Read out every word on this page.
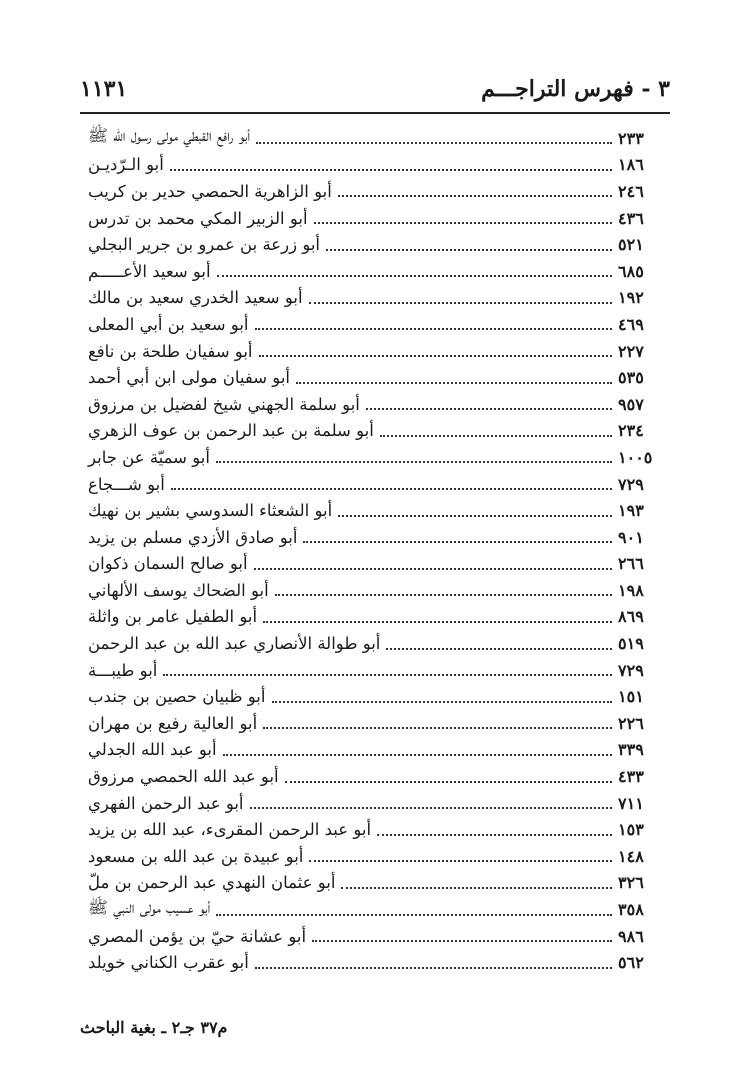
١١٣١	٣ - فهرس التراجـــم
أبو رافع القبطي مولى رسول الله ﷺ	٢٣٣
أبو الـرّديـن	١٨٦
أبو الزاهرية الحمصي حدير بن كريب	٢٤٦
أبو الزبير المكي محمد بن تدرس	٤٣٦
أبو زرعة بن عمرو بن جرير البجلي	٥٢١
أبو سعيد الأعـــــم	٦٨٥
أبو سعيد الخدري سعيد بن مالك	١٩٢
أبو سعيد بن أبي المعلى	٤٦٩
أبو سفيان طلحة بن نافع	٢٢٧
أبو سفيان مولى ابن أبي أحمد	٥٣٥
أبو سلمة الجهني شيخ لفضيل بن مرزوق	٩٥٧
أبو سلمة بن عبد الرحمن بن عوف الزهري	٢٣٤
أبو سميّة عن جابر	١٠٠٥
أبو شـــجاع	٧٢٩
أبو الشعثاء السدوسي بشير بن نهيك	١٩٣
أبو صادق الأزدي مسلم بن يزيد	٩٠١
أبو صالح السمان ذكوان	٢٦٦
أبو الضحاك يوسف الألهاني	١٩٨
أبو الطفيل عامر بن واثلة	٨٦٩
أبو طوالة الأنصاري عبد الله بن عبد الرحمن	٥١٩
أبو طيبـــة	٧٢٩
أبو ظبيان حصين بن جندب	١٥١
أبو العالية رفيع بن مهران	٢٢٦
أبو عبد الله الجدلي	٣٣٩
أبو عبد الله الحمصي مرزوق	٤٣٣
أبو عبد الرحمن الفهري	٧١١
أبو عبد الرحمن المقرىء، عبد الله بن يزيد	١٥٣
أبو عبيدة بن عبد الله بن مسعود	١٤٨
أبو عثمان النهدي عبد الرحمن بن ملّ	٣٢٦
أبو عسيب مولى النبي ﷺ	٣٥٨
أبو عشانة حيّ بن يؤمن المصري	٩٨٦
أبو عقرب الكناني خويلد	٥٦٢
م٣٧ جـ٢ ـ بغية الباحث
